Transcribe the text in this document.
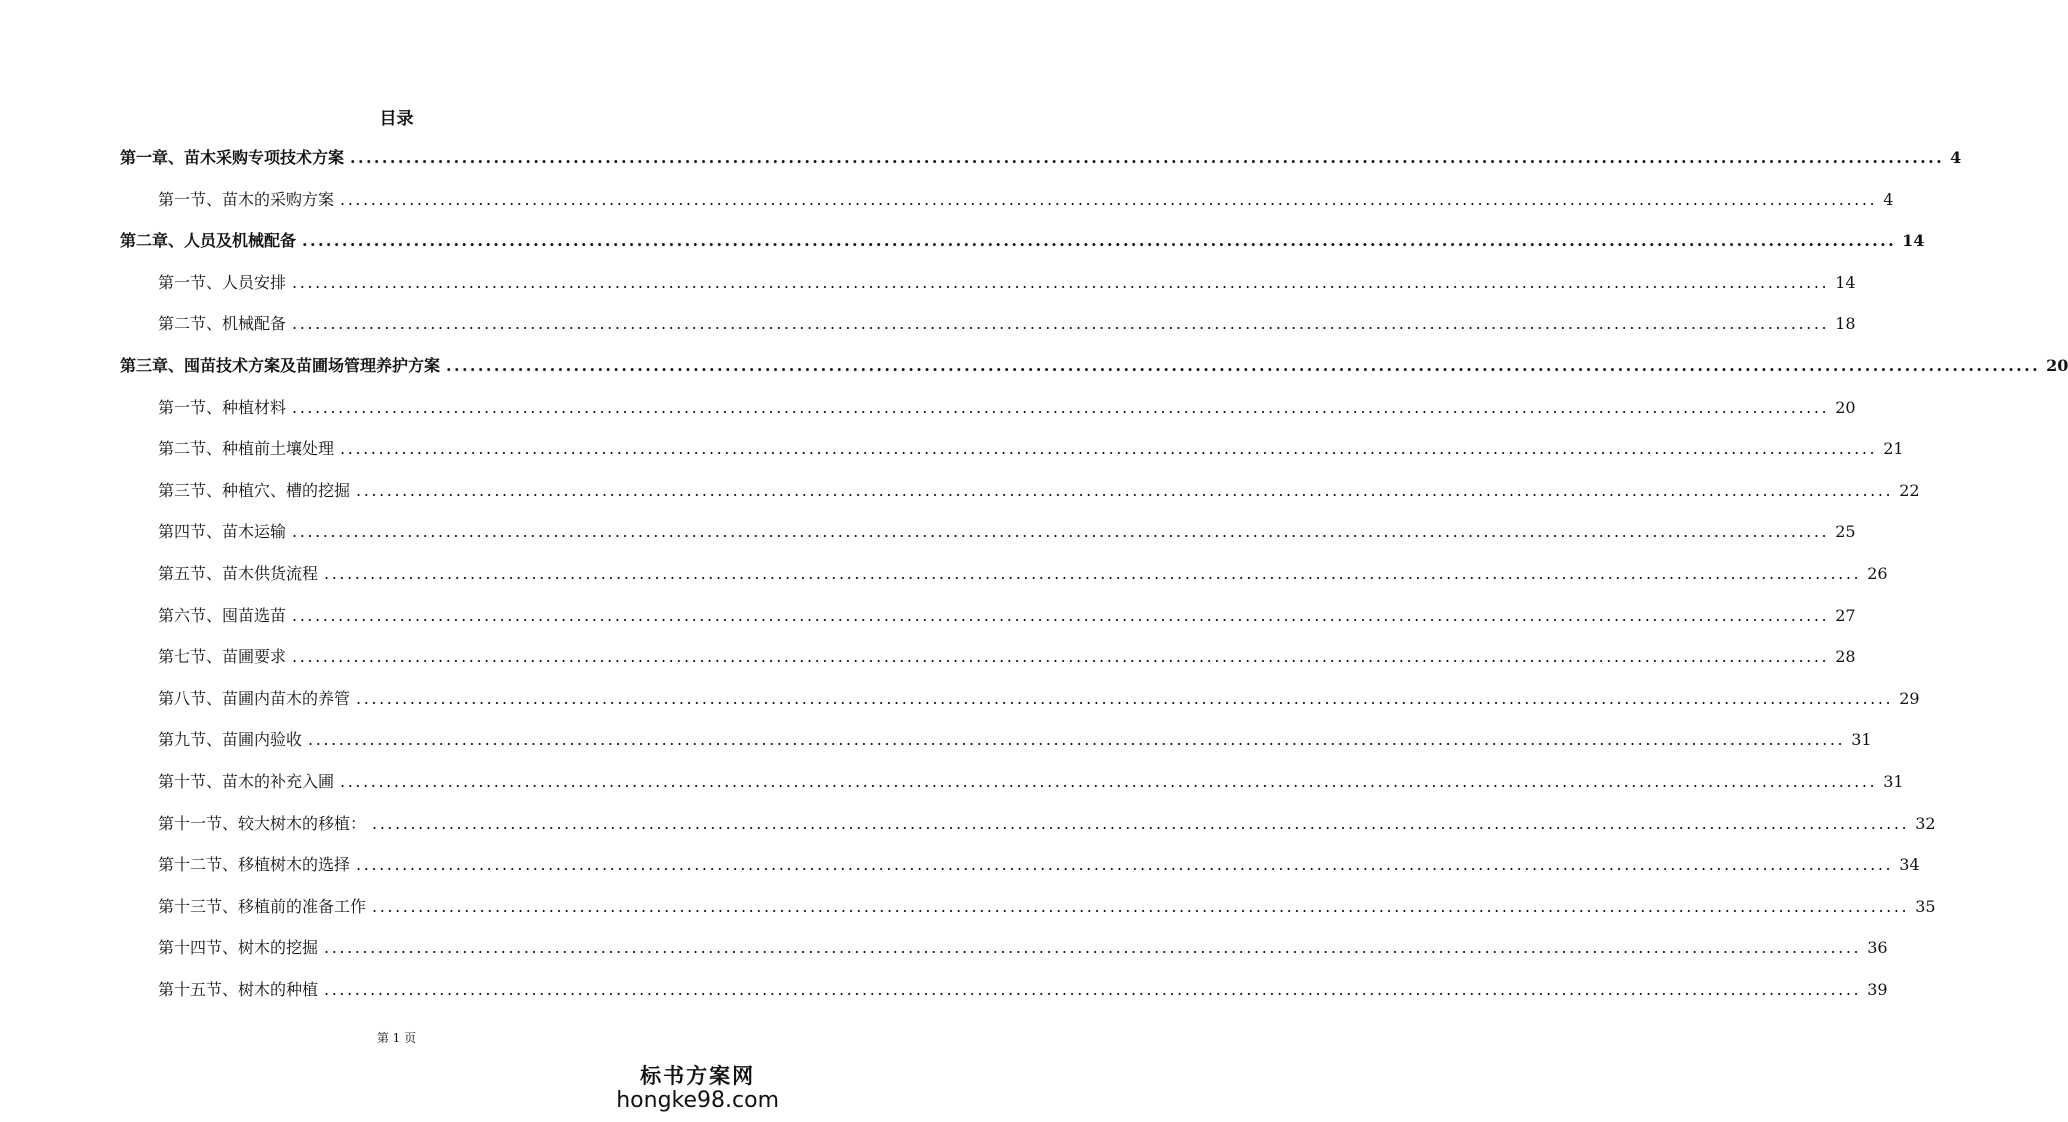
目录
第一章、苗木采购专项技术方案 ........................................................................................................................................................................................................ 4
第一节、苗木的采购方案 ........................................................................................................................................................................................................ 4
第二章、人员及机械配备 ........................................................................................................................................................................................................ 14
第一节、人员安排 ........................................................................................................................................................................................................ 14
第二节、机械配备 ........................................................................................................................................................................................................ 18
第三章、囤苗技术方案及苗圃场管理养护方案 ........................................................................................................................................................................................................ 20
第一节、种植材料 ........................................................................................................................................................................................................ 20
第二节、种植前土壤处理 ........................................................................................................................................................................................................ 21
第三节、种植穴、槽的挖掘 ........................................................................................................................................................................................................ 22
第四节、苗木运输 ........................................................................................................................................................................................................ 25
第五节、苗木供货流程 ........................................................................................................................................................................................................ 26
第六节、囤苗选苗 ........................................................................................................................................................................................................ 27
第七节、苗圃要求 ........................................................................................................................................................................................................ 28
第八节、苗圃内苗木的养管 ........................................................................................................................................................................................................ 29
第九节、苗圃内验收 ........................................................................................................................................................................................................ 31
第十节、苗木的补充入圃 ........................................................................................................................................................................................................ 31
第十一节、较大树木的移植： ........................................................................................................................................................................................................ 32
第十二节、移植树木的选择 ........................................................................................................................................................................................................ 34
第十三节、移植前的准备工作 ........................................................................................................................................................................................................ 35
第十四节、树木的挖掘 ........................................................................................................................................................................................................ 36
第十五节、树木的种植 ........................................................................................................................................................................................................ 39
第 1 页
标书方案网
hongke98.com
